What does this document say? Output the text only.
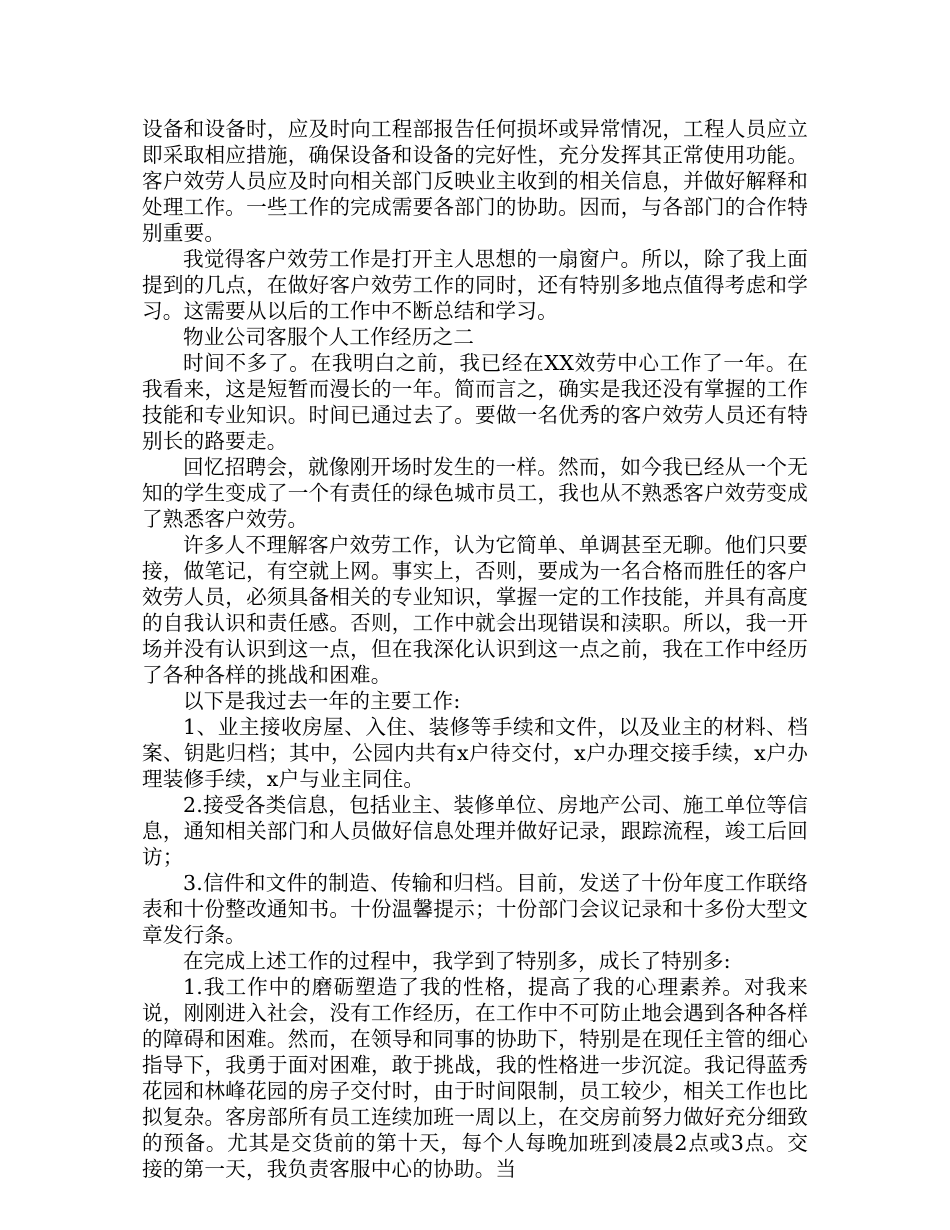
设备和设备时，应及时向工程部报告任何损坏或异常情况，工程人员应立即采取相应措施，确保设备和设备的完好性，充分发挥其正常使用功能。客户效劳人员应及时向相关部门反映业主收到的相关信息，并做好解释和处理工作。一些工作的完成需要各部门的协助。因而，与各部门的合作特别重要。

我觉得客户效劳工作是打开主人思想的一扇窗户。所以，除了我上面提到的几点，在做好客户效劳工作的同时，还有特别多地点值得考虑和学习。这需要从以后的工作中不断总结和学习。

物业公司客服个人工作经历之二

时间不多了。在我明白之前，我已经在XX效劳中心工作了一年。在我看来，这是短暂而漫长的一年。简而言之，确实是我还没有掌握的工作技能和专业知识。时间已通过去了。要做一名优秀的客户效劳人员还有特别长的路要走。

回忆招聘会，就像刚开场时发生的一样。然而，如今我已经从一个无知的学生变成了一个有责任的绿色城市员工，我也从不熟悉客户效劳变成了熟悉客户效劳。

许多人不理解客户效劳工作，认为它简单、单调甚至无聊。他们只要接，做笔记，有空就上网。事实上，否则，要成为一名合格而胜任的客户效劳人员，必须具备相关的专业知识，掌握一定的工作技能，并具有高度的自我认识和责任感。否则，工作中就会出现错误和渎职。所以，我一开场并没有认识到这一点，但在我深化认识到这一点之前，我在工作中经历了各种各样的挑战和困难。

以下是我过去一年的主要工作:

1、业主接收房屋、入住、装修等手续和文件，以及业主的材料、档案、钥匙归档；其中，公园内共有x户待交付，x户办理交接手续，x户办理装修手续，x户与业主同住。

2.接受各类信息，包括业主、装修单位、房地产公司、施工单位等信息，通知相关部门和人员做好信息处理并做好记录，跟踪流程，竣工后回访；

3.信件和文件的制造、传输和归档。目前，发送了十份年度工作联络表和十份整改通知书。十份温馨提示；十份部门会议记录和十多份大型文章发行条。

在完成上述工作的过程中，我学到了特别多，成长了特别多:

1.我工作中的磨砺塑造了我的性格，提高了我的心理素养。对我来说，刚刚进入社会，没有工作经历，在工作中不可防止地会遇到各种各样的障碍和困难。然而，在领导和同事的协助下，特别是在现任主管的细心指导下，我勇于面对困难，敢于挑战，我的性格进一步沉淀。我记得蓝秀花园和林峰花园的房子交付时，由于时间限制，员工较少，相关工作也比拟复杂。客房部所有员工连续加班一周以上，在交房前努力做好充分细致的预备。尤其是交货前的第十天，每个人每晚加班到凌晨2点或3点。交接的第一天，我负责客服中心的协助。当
